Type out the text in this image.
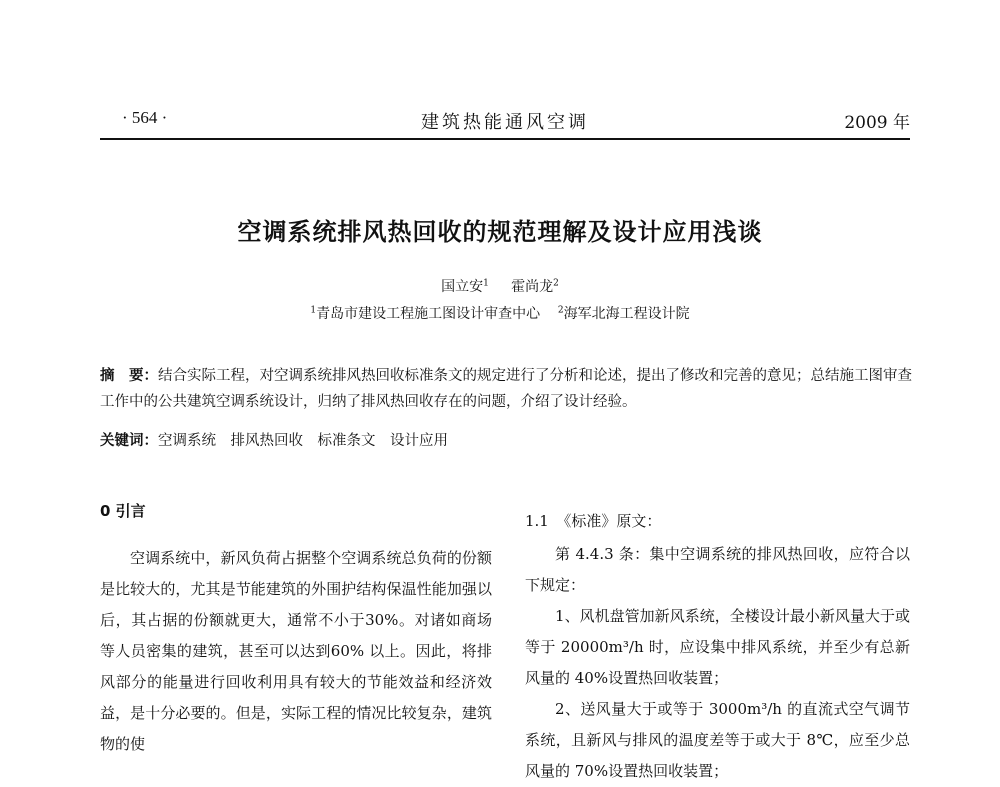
· 564 ·	建筑热能通风空调	2009 年
空调系统排风热回收的规范理解及设计应用浅谈
国立安$^1$ 霍尚龙$^2$
$^1$青岛市建设工程施工图设计审查中心 $^2$海军北海工程设计院
摘　要：结合实际工程，对空调系统排风热回收标准条文的规定进行了分析和论述，提出了修改和完善的意见；总结施工图审查工作中的公共建筑空调系统设计，归纳了排风热回收存在的问题，介绍了设计经验。
关键词：空调系统　排风热回收　标准条文　设计应用
0 引言
空调系统中，新风负荷占据整个空调系统总负荷的份额是比较大的，尤其是节能建筑的外围护结构保温性能加强以后，其占据的份额就更大，通常不小于30%。对诸如商场等人员密集的建筑，甚至可以达到60% 以上。因此，将排风部分的能量进行回收利用具有较大的节能效益和经济效益，是十分必要的。但是，实际工程的情况比较复杂，建筑物的使
1.1　《标准》原文：

第 4.4.3 条：集中空调系统的排风热回收，应符合以下规定：

1、风机盘管加新风系统，全楼设计最小新风量大于或等于 20000m³/h 时，应设集中排风系统，并至少有总新风量的 40%设置热回收装置；

2、送风量大于或等于 3000m³/h 的直流式空气调节系统，且新风与排风的温度差等于或大于 8℃，应至少总风量的 70%设置热回收装置；
